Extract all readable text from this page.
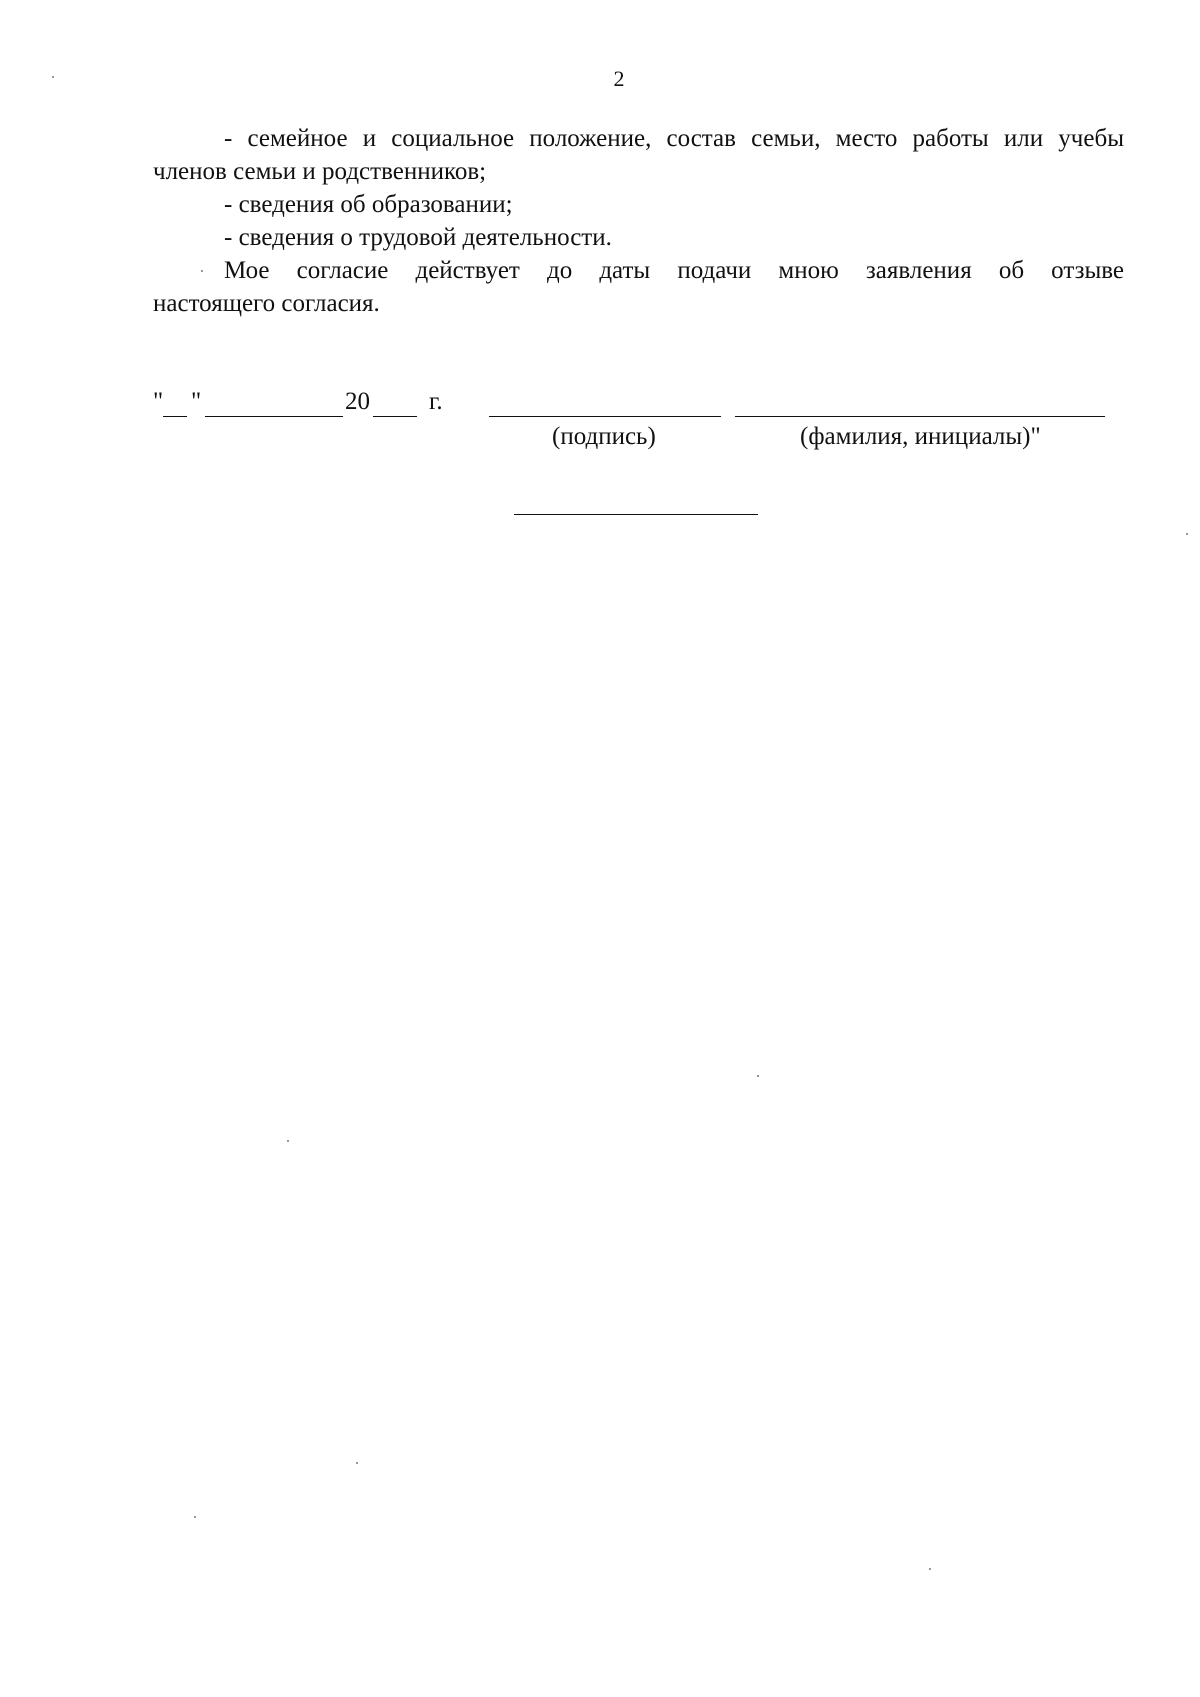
2

- семейное и социальное положение, состав семьи, место работы или учебы

членов семьи и родственников;

- сведения об образовании;

- сведения о трудовой деятельности.

Мое согласие действует до даты подачи мною заявления об отзыве

настоящего согласия.

" "	20 г.
(подпись)	(фамилия, инициалы)"
